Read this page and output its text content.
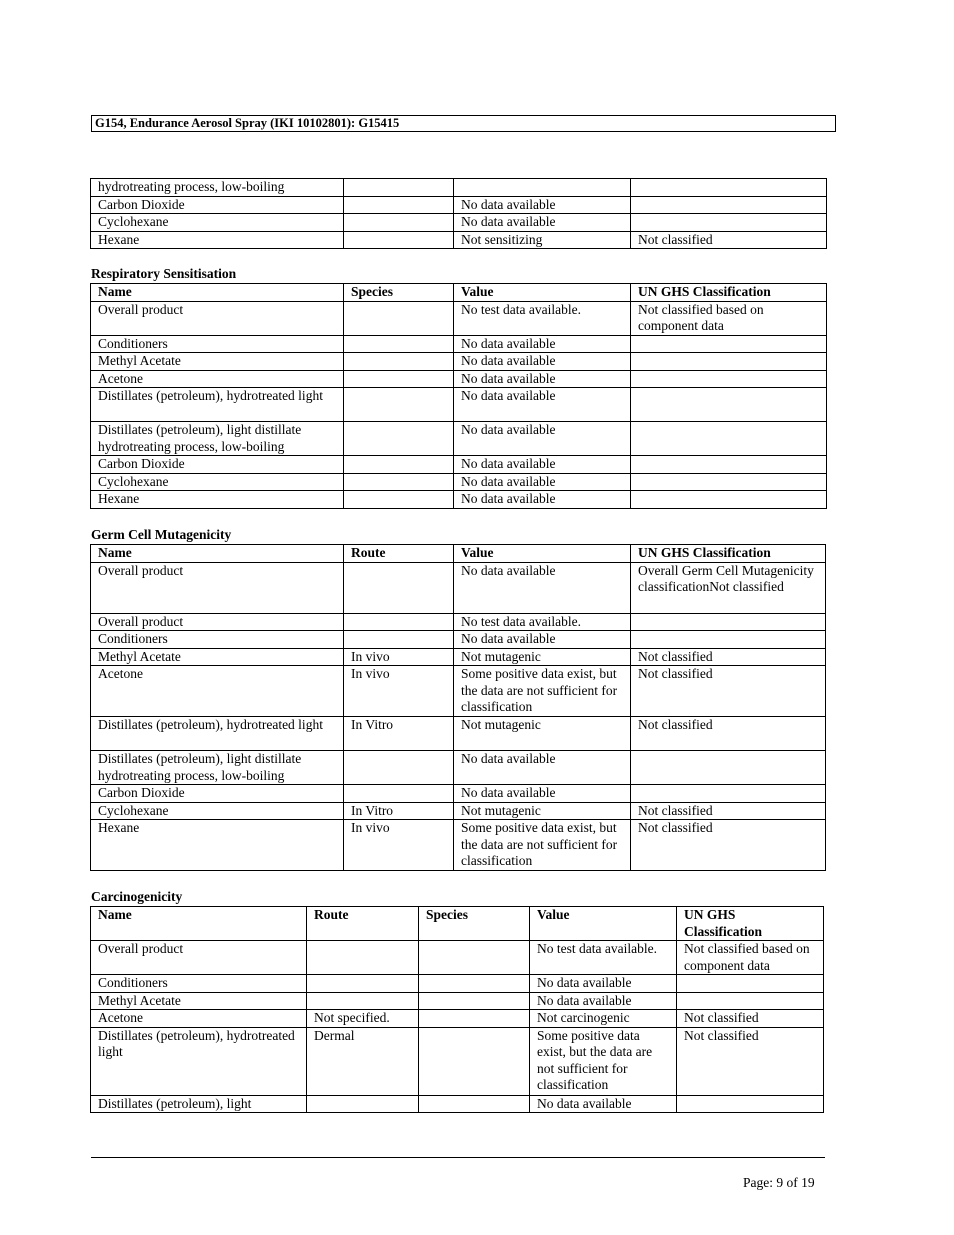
G154, Endurance Aerosol Spray (IKI 10102801): G15415
hydrotreating process, low-boiling			
Carbon Dioxide		No data available	
Cyclohexane		No data available	
Hexane		Not sensitizing	Not classified
Respiratory Sensitisation
Name	Species	Value	UN GHS Classification
Overall product		No test data available.	Not classified based on component data
Conditioners		No data available	
Methyl Acetate		No data available	
Acetone		No data available	
Distillates (petroleum), hydrotreated light		No data available	
Distillates (petroleum), light distillate hydrotreating process, low-boiling		No data available	
Carbon Dioxide		No data available	
Cyclohexane		No data available	
Hexane		No data available	
Germ Cell Mutagenicity
Name	Route	Value	UN GHS Classification
Overall product		No data available	Overall Germ Cell Mutagenicity classificationNot classified
Overall product		No test data available.	
Conditioners		No data available	
Methyl Acetate	In vivo	Not mutagenic	Not classified
Acetone	In vivo	Some positive data exist, but the data are not sufficient for classification	Not classified
Distillates (petroleum), hydrotreated light	In Vitro	Not mutagenic	Not classified
Distillates (petroleum), light distillate hydrotreating process, low-boiling		No data available	
Carbon Dioxide		No data available	
Cyclohexane	In Vitro	Not mutagenic	Not classified
Hexane	In vivo	Some positive data exist, but the data are not sufficient for classification	Not classified
Carcinogenicity
Name	Route	Species	Value	UN GHS Classification
Overall product			No test data available.	Not classified based on component data
Conditioners			No data available	
Methyl Acetate			No data available	
Acetone	Not specified.		Not carcinogenic	Not classified
Distillates (petroleum), hydrotreated light	Dermal		Some positive data exist, but the data are not sufficient for classification	Not classified
Distillates (petroleum), light			No data available	
Page: 9 of 19
